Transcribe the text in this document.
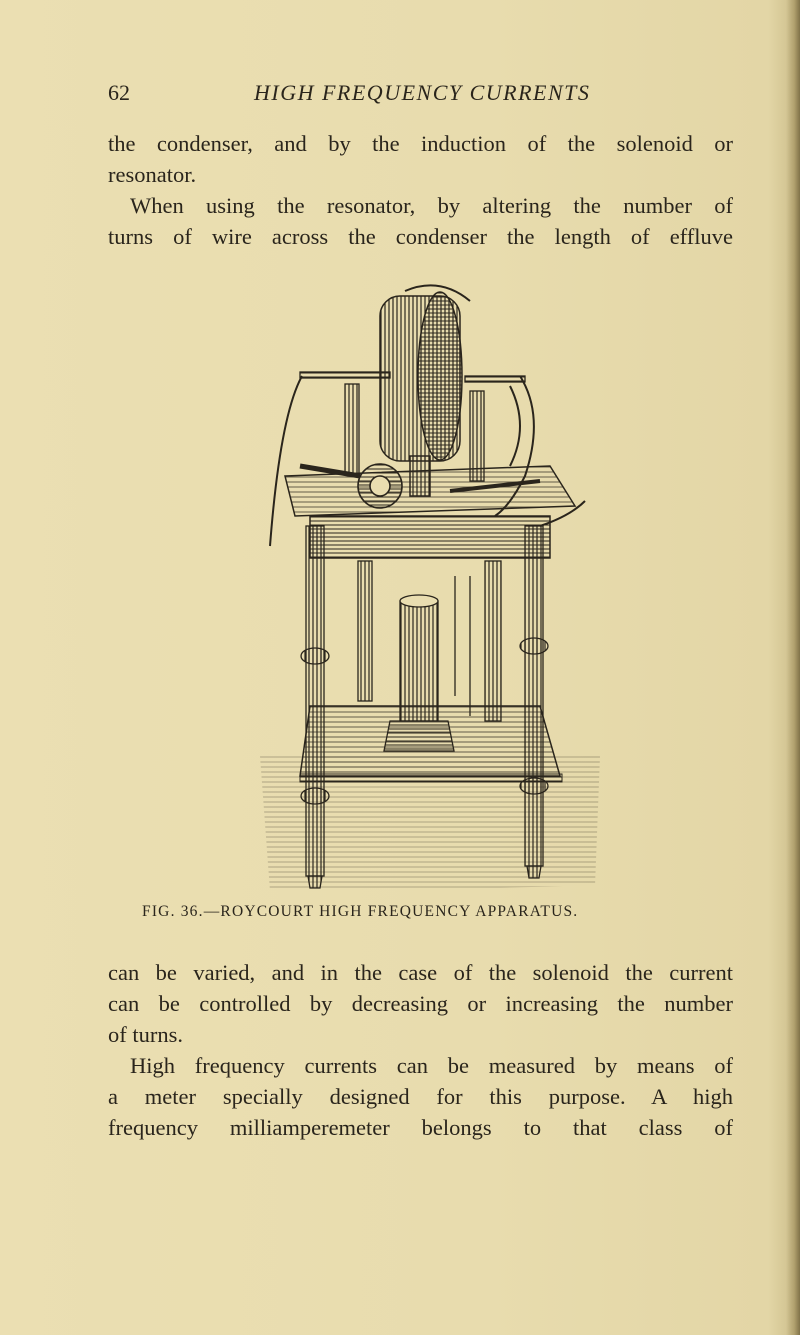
62	HIGH FREQUENCY CURRENTS
the condenser, and by the induction of the solenoid or
resonator.
When using the resonator, by altering the number of
turns of wire across the condenser the length of effluve
FIG. 36.—ROYCOURT HIGH FREQUENCY APPARATUS.
can be varied, and in the case of the solenoid the current
can be controlled by decreasing or increasing the number
of turns.
High frequency currents can be measured by means of
a meter specially designed for this purpose. A high
frequency milliamperemeter belongs to that class of
